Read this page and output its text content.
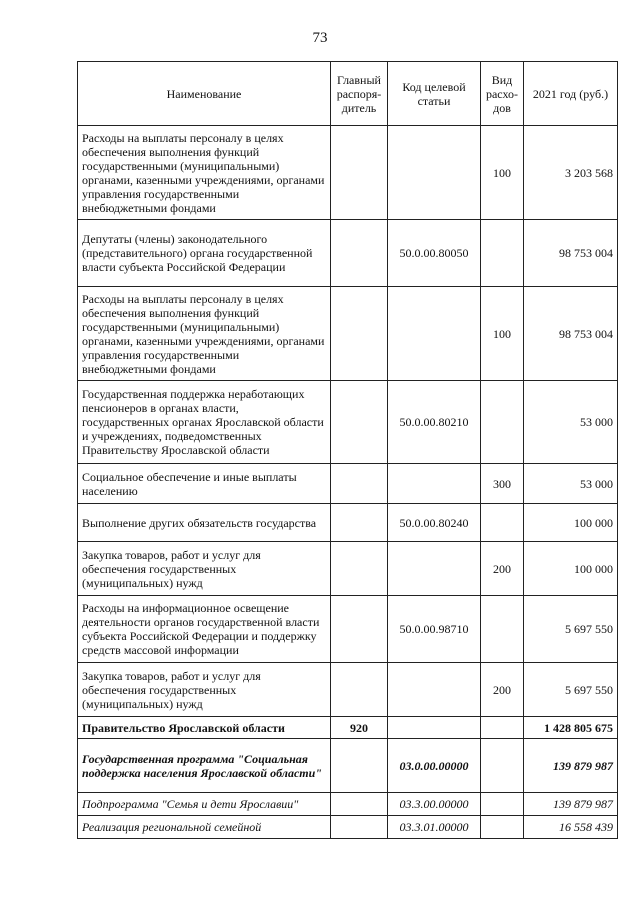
73
Наименование	Главный распоря-дитель	Код целевой статьи	Вид расхо-дов	2021 год (руб.)
Расходы на выплаты персоналу в целях обеспечения выполнения функций государственными (муниципальными) органами, казенными учреждениями, органами управления государственными внебюджетными фондами			100	3 203 568
Депутаты (члены) законодательного (представительного) органа государственной власти субъекта Российской Федерации		50.0.00.80050		98 753 004
Расходы на выплаты персоналу в целях обеспечения выполнения функций государственными (муниципальными) органами, казенными учреждениями, органами управления государственными внебюджетными фондами			100	98 753 004
Государственная поддержка неработающих пенсионеров в органах власти, государственных органах Ярославской области и учреждениях, подведомственных Правительству Ярославской области		50.0.00.80210		53 000
Социальное обеспечение и иные выплаты населению			300	53 000
Выполнение других обязательств государства		50.0.00.80240		100 000
Закупка товаров, работ и услуг для обеспечения государственных (муниципальных) нужд			200	100 000
Расходы на информационное освещение деятельности органов государственной власти субъекта Российской Федерации и поддержку средств массовой информации		50.0.00.98710		5 697 550
Закупка товаров, работ и услуг для обеспечения государственных (муниципальных) нужд			200	5 697 550
Правительство Ярославской области	920			1 428 805 675
Государственная программа "Социальная поддержка населения Ярославской области"		03.0.00.00000		139 879 987
Подпрограмма "Семья и дети Ярославии"		03.3.00.00000		139 879 987
Реализация региональной семейной		03.3.01.00000		16 558 439
